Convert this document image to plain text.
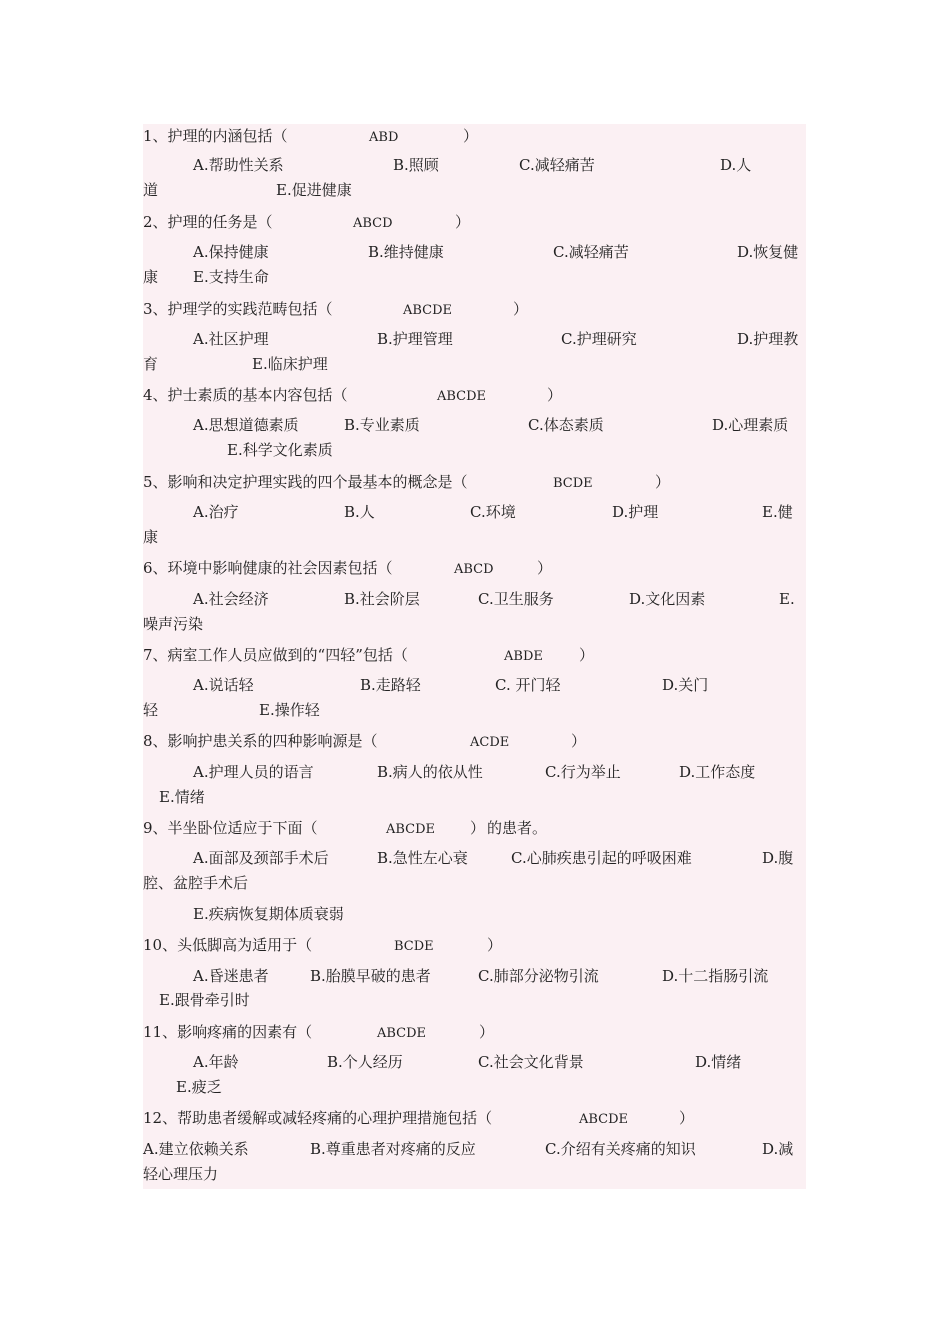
1、护理的内涵包括（	ABD	）
A.帮助性关系	B.照顾	C.减轻痛苦	D.人
道	E.促进健康
2、护理的任务是（	ABCD	）
A.保持健康	B.维持健康	C.减轻痛苦	D.恢复健
康 E.支持生命
3、护理学的实践范畴包括（	ABCDE	）
A.社区护理	B.护理管理	C.护理研究	D.护理教
育	E.临床护理
4、护士素质的基本内容包括（	ABCDE	）
A.思想道德素质	B.专业素质	C.体态素质	D.心理素质
E.科学文化素质
5、影响和决定护理实践的四个最基本的概念是（	BCDE	）
A.治疗	B.人	C.环境	D.护理	E.健
康
6、环境中影响健康的社会因素包括（	ABCD	）
A.社会经济	B.社会阶层	C.卫生服务	D.文化因素	E.
噪声污染
7、病室工作人员应做到的“四轻”包括（	ABDE ）
A.说话轻	B.走路轻	C. 开门轻	D.关门
轻	E.操作轻
8、影响护患关系的四种影响源是（	ACDE	）
A.护理人员的语言	B.病人的依从性	C.行为举止	D.工作态度
E.情绪
9、半坐卧位适应于下面（	ABCDE ） 的患者。
A.面部及颈部手术后	B.急性左心衰	C.心肺疾患引起的呼吸困难	D.腹
腔、盆腔手术后
E.疾病恢复期体质衰弱
10、头低脚高为适用于（	BCDE	）
A.昏迷患者	B.胎膜早破的患者	C.肺部分泌物引流	D.十二指肠引流
E.跟骨牵引时
11、影响疼痛的因素有（	ABCDE	）
A.年龄	B.个人经历	C.社会文化背景	D.情绪
E.疲乏
12、帮助患者缓解或减轻疼痛的心理护理措施包括（	ABCDE	）
A.建立依赖关系	B.尊重患者对疼痛的反应	C.介绍有关疼痛的知识	D.减
轻心理压力
